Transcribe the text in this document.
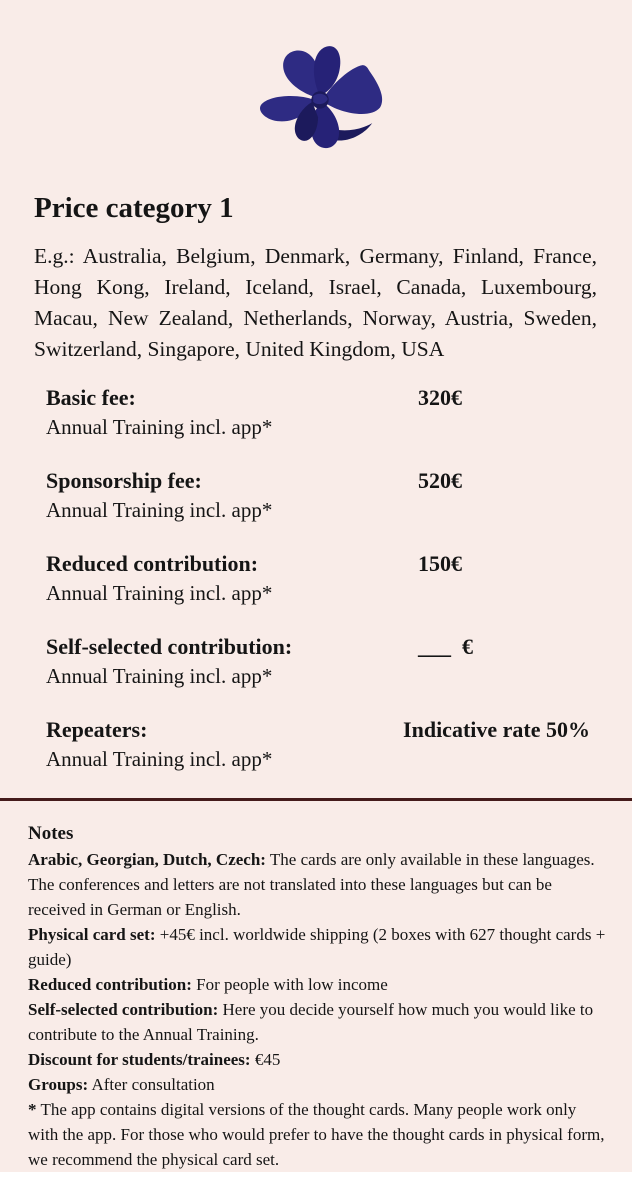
Price category 1

E.g.: Australia, Belgium, Denmark, Germany, Finland, France, Hong Kong, Ireland, Iceland, Israel, Canada, Luxembourg, Macau, New Zealand, Netherlands, Norway, Austria, Sweden, Switzerland, Singapore, United Kingdom, USA

Basic fee:	320€
Annual Training incl. app*
Sponsorship fee:	520€
Annual Training incl. app*
Reduced contribution:	150€
Annual Training incl. app*
Self-selected contribution:	___  €
Annual Training incl. app*
Repeaters:	Indicative rate 50%
Annual Training incl. app*
Notes

Arabic, Georgian, Dutch, Czech: The cards are only available in these languages. The conferences and letters are not translated into these languages but can be received in German or English.

Physical card set: +45€ incl. worldwide shipping (2 boxes with 627 thought cards + guide)

Reduced contribution: For people with low income

Self-selected contribution: Here you decide yourself how much you would like to contribute to the Annual Training.

Discount for students/trainees: €45

Groups: After consultation

* The app contains digital versions of the thought cards. Many people work only with the app. For those who would prefer to have the thought cards in physical form, we recommend the physical card set.
